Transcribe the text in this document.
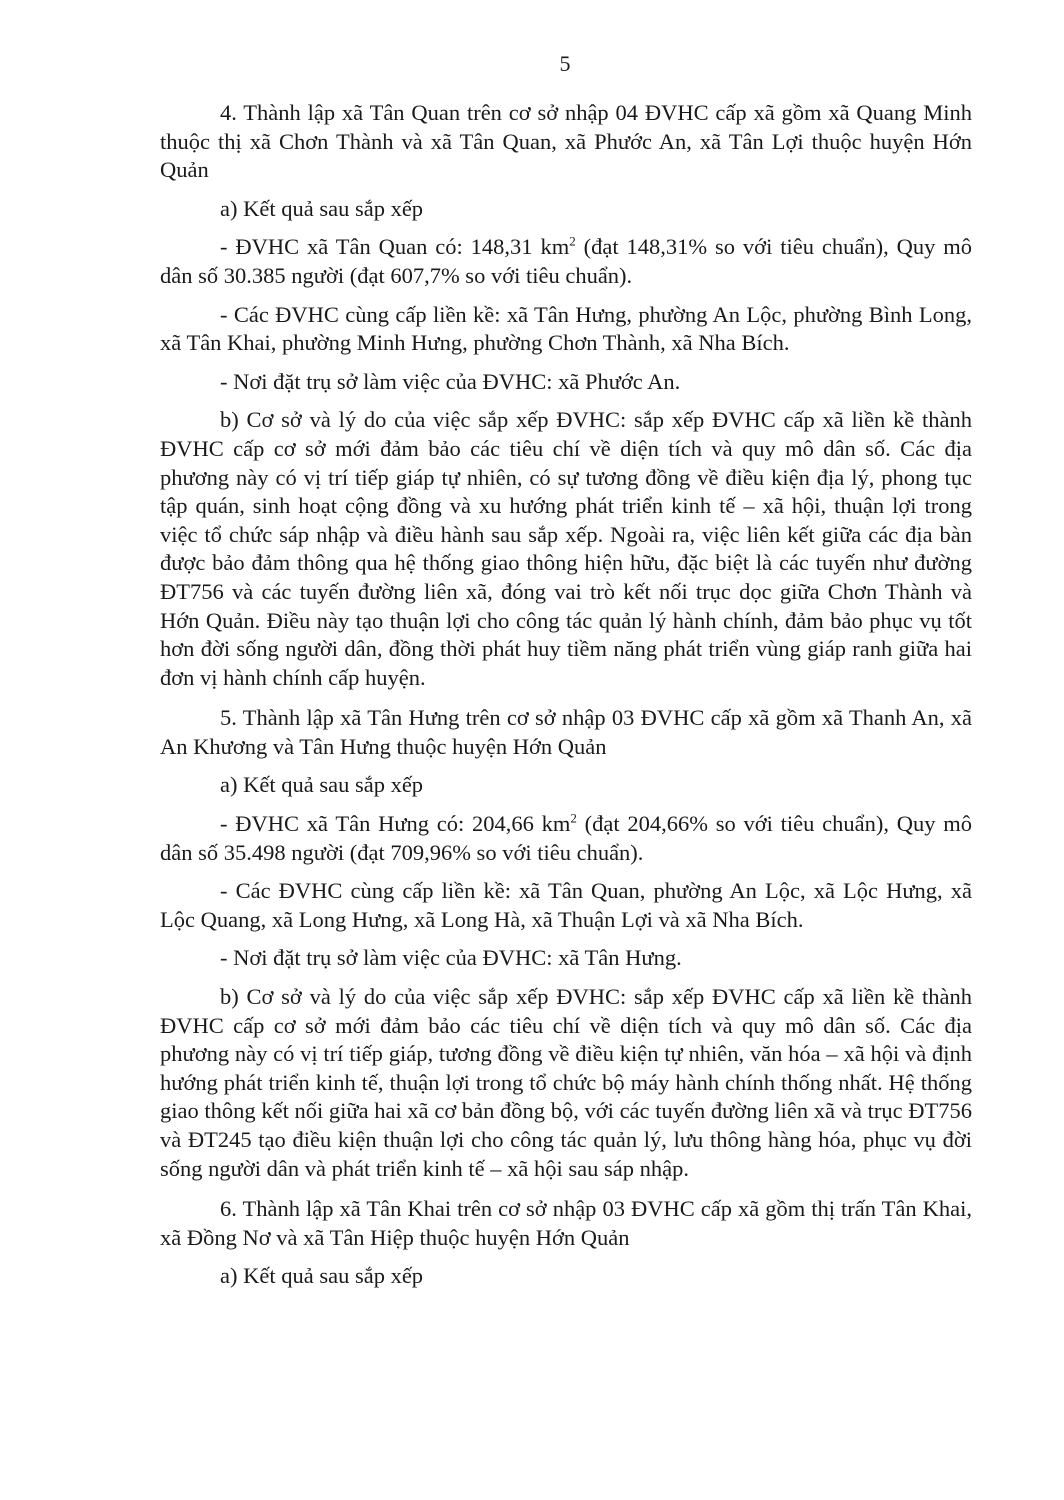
5

4. Thành lập xã Tân Quan trên cơ sở nhập 04 ĐVHC cấp xã gồm xã Quang Minh thuộc thị xã Chơn Thành và xã Tân Quan, xã Phước An, xã Tân Lợi thuộc huyện Hớn Quản

a) Kết quả sau sắp xếp

- ĐVHC xã Tân Quan có: 148,31 $km^2$ (đạt 148,31% so với tiêu chuẩn), Quy mô dân số 30.385 người (đạt 607,7% so với tiêu chuẩn).

- Các ĐVHC cùng cấp liền kề: xã Tân Hưng, phường An Lộc, phường Bình Long, xã Tân Khai, phường Minh Hưng, phường Chơn Thành, xã Nha Bích.

- Nơi đặt trụ sở làm việc của ĐVHC: xã Phước An.

b) Cơ sở và lý do của việc sắp xếp ĐVHC: sắp xếp ĐVHC cấp xã liền kề thành ĐVHC cấp cơ sở mới đảm bảo các tiêu chí về diện tích và quy mô dân số. Các địa phương này có vị trí tiếp giáp tự nhiên, có sự tương đồng về điều kiện địa lý, phong tục tập quán, sinh hoạt cộng đồng và xu hướng phát triển kinh tế – xã hội, thuận lợi trong việc tổ chức sáp nhập và điều hành sau sắp xếp. Ngoài ra, việc liên kết giữa các địa bàn được bảo đảm thông qua hệ thống giao thông hiện hữu, đặc biệt là các tuyến như đường ĐT756 và các tuyến đường liên xã, đóng vai trò kết nối trục dọc giữa Chơn Thành và Hớn Quản. Điều này tạo thuận lợi cho công tác quản lý hành chính, đảm bảo phục vụ tốt hơn đời sống người dân, đồng thời phát huy tiềm năng phát triển vùng giáp ranh giữa hai đơn vị hành chính cấp huyện.

5. Thành lập xã Tân Hưng trên cơ sở nhập 03 ĐVHC cấp xã gồm xã Thanh An, xã An Khương và Tân Hưng thuộc huyện Hớn Quản

a) Kết quả sau sắp xếp

- ĐVHC xã Tân Hưng có: 204,66 $km^2$ (đạt 204,66% so với tiêu chuẩn), Quy mô dân số 35.498 người (đạt 709,96% so với tiêu chuẩn).

- Các ĐVHC cùng cấp liền kề: xã Tân Quan, phường An Lộc, xã Lộc Hưng, xã Lộc Quang, xã Long Hưng, xã Long Hà, xã Thuận Lợi và xã Nha Bích.

- Nơi đặt trụ sở làm việc của ĐVHC: xã Tân Hưng.

b) Cơ sở và lý do của việc sắp xếp ĐVHC: sắp xếp ĐVHC cấp xã liền kề thành ĐVHC cấp cơ sở mới đảm bảo các tiêu chí về diện tích và quy mô dân số. Các địa phương này có vị trí tiếp giáp, tương đồng về điều kiện tự nhiên, văn hóa – xã hội và định hướng phát triển kinh tế, thuận lợi trong tổ chức bộ máy hành chính thống nhất. Hệ thống giao thông kết nối giữa hai xã cơ bản đồng bộ, với các tuyến đường liên xã và trục ĐT756 và ĐT245 tạo điều kiện thuận lợi cho công tác quản lý, lưu thông hàng hóa, phục vụ đời sống người dân và phát triển kinh tế – xã hội sau sáp nhập.

6. Thành lập xã Tân Khai trên cơ sở nhập 03 ĐVHC cấp xã gồm thị trấn Tân Khai, xã Đồng Nơ và xã Tân Hiệp thuộc huyện Hớn Quản

a) Kết quả sau sắp xếp
